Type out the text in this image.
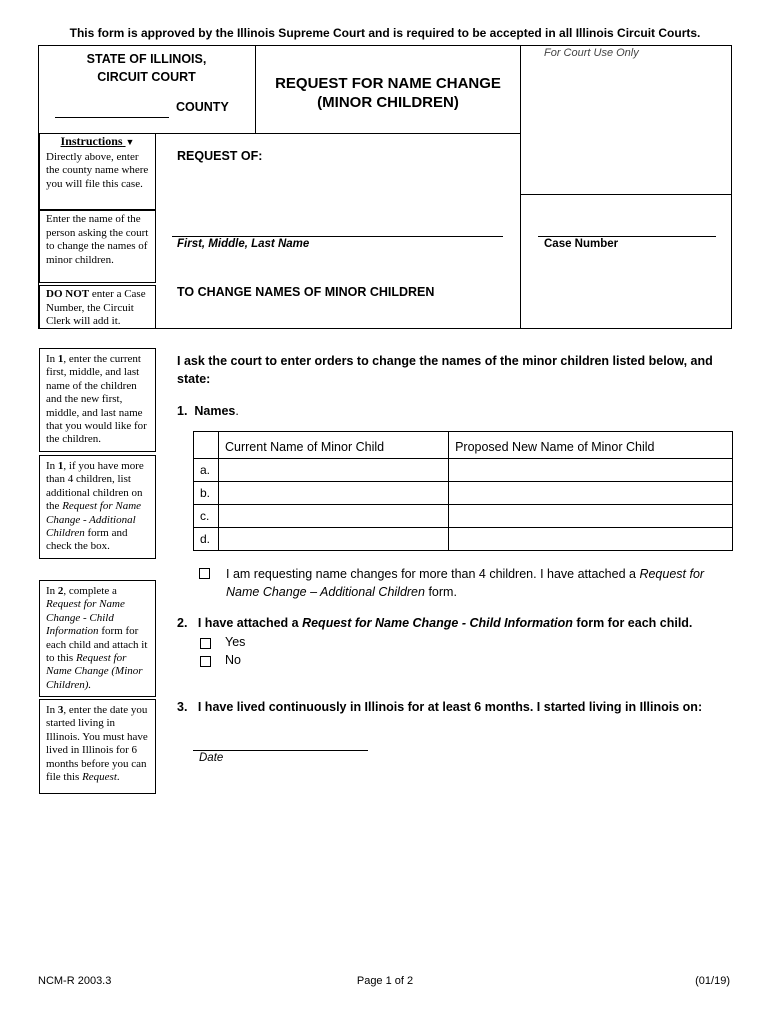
This form is approved by the Illinois Supreme Court and is required to be accepted in all Illinois Circuit Courts.
STATE OF ILLINOIS,
CIRCUIT COURT
COUNTY
REQUEST FOR NAME CHANGE
(MINOR CHILDREN)
For Court Use Only
REQUEST OF:
First, Middle, Last Name	Case Number
TO CHANGE NAMES OF MINOR CHILDREN
Instructions ▼
Directly above, enter the county name where you will file this case.
Enter the name of the person asking the court to change the names of minor children.
DO NOT enter a Case Number, the Circuit Clerk will add it.
In 1, enter the current first, middle, and last name of the children and the new first, middle, and last name that you would like for the children.
In 1, if you have more than 4 children, list additional children on the Request for Name Change - Additional Children form and check the box.
In 2, complete a Request for Name Change - Child Information form for each child and attach it to this Request for Name Change (Minor Children).
In 3, enter the date you started living in Illinois. You must have lived in Illinois for 6 months before you can file this Request.
I ask the court to enter orders to change the names of the minor children listed below, and state:
1. Names.
	Current Name of Minor Child	Proposed New Name of Minor Child
a.		
b.		
c.		
d.		
I am requesting name changes for more than 4 children. I have attached a Request for Name Change – Additional Children form.
2. I have attached a Request for Name Change - Child Information form for each child.
Yes
No
3. I have lived continuously in Illinois for at least 6 months. I started living in Illinois on:
Date
NCM-R 2003.3	Page 1 of 2	(01/19)
